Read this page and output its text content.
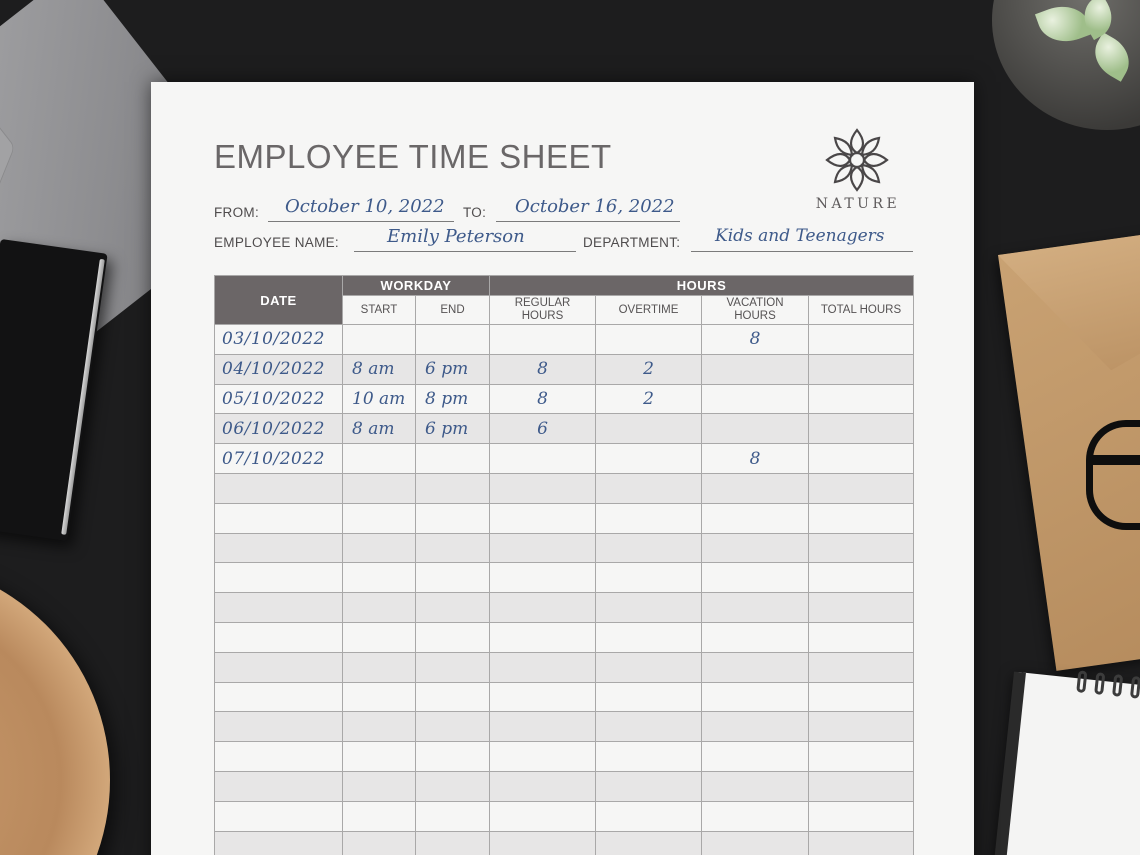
EMPLOYEE TIME SHEET
NATURE
FROM: October 10, 2022 TO: October 16, 2022
EMPLOYEE NAME:	Emily Peterson	DEPARTMENT: Kids and Teenagers
DATE	WORKDAY		HOURS			
	START	END	REGULAR HOURS	OVERTIME	VACATION HOURS	TOTAL HOURS
03/10/2022					8	
04/10/2022	8 am	6 pm	8	2		
05/10/2022	10 am	8 pm	8	2		
06/10/2022	8 am	6 pm	6			
07/10/2022					8	
